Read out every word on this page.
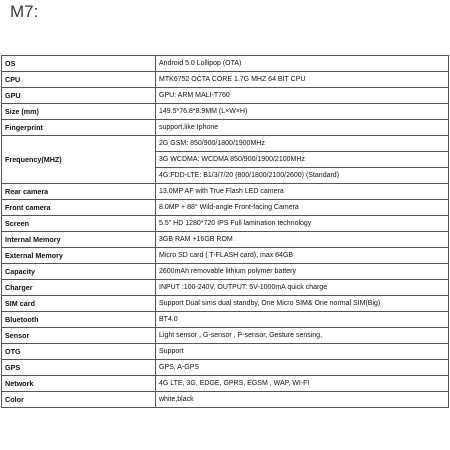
M7:
OS	Android 5.0 Lollipop (OTA)
CPU	MTK6752 OCTA CORE 1.7G MHZ 64 BIT CPU
GPU	GPU: ARM MALI-T760
Size (mm)	149.5*76.8*8.9MM (L×W×H)
Fingerprint	support,like Iphone
Frequency(MHZ)	2G GSM: 850/900/1800/1900MHz
3G WCDMA: WCDMA 850/900/1900/2100MHz
4G:FDD-LTE: B1/3/7/20 (800/1800/2100/2600) (Standard)

Rear camera	13.0MP AF with True Flash LED camera
Front camera	8.0MP + 88° Wild-angle Front-facing Camera
Screen	5.5" HD 1280*720 IPS Full lamination technology
Internal Memory	3GB RAM +16GB ROM
External Memory	Micro SD card ( T-FLASH card), max 64GB
Capacity	2600mAh removable lithium polymer battery
Charger	INPUT :100-240V, OUTPUT: 5V-1000mA quick charge
SIM card	Support Dual sims dual standby, One Micro SIM& One normal SIM(Big)
Bluetooth	BT4.0
Sensor	Light sensor , G-sensor , P-sensor, Gesture sensing,
OTG	Support
GPS	GPS, A-GPS
Network	4G LTE, 3G, EDGE, GPRS, EGSM , WAP, WI-FI
Color	white,black
